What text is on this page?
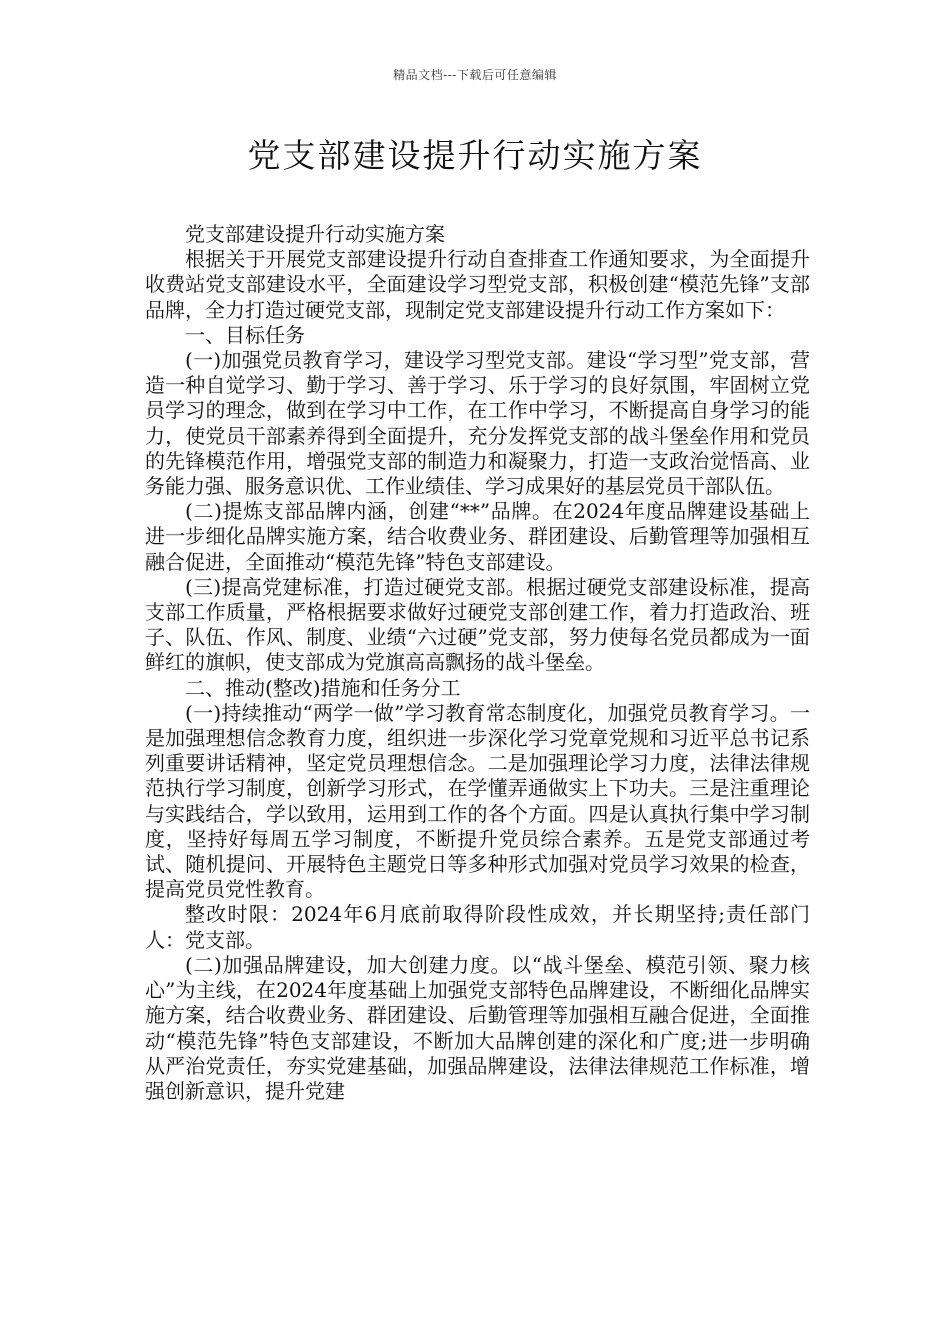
精品文档---下载后可任意编辑
党支部建设提升行动实施方案

党支部建设提升行动实施方案

根据关于开展党支部建设提升行动自查排查工作通知要求，为全面提升收费站党支部建设水平，全面建设学习型党支部，积极创建“模范先锋”支部品牌，全力打造过硬党支部，现制定党支部建设提升行动工作方案如下：

一、目标任务

(一)加强党员教育学习，建设学习型党支部。建设“学习型”党支部，营造一种自觉学习、勤于学习、善于学习、乐于学习的良好氛围，牢固树立党员学习的理念，做到在学习中工作，在工作中学习，不断提高自身学习的能力，使党员干部素养得到全面提升，充分发挥党支部的战斗堡垒作用和党员的先锋模范作用，增强党支部的制造力和凝聚力，打造一支政治觉悟高、业务能力强、服务意识优、工作业绩佳、学习成果好的基层党员干部队伍。

(二)提炼支部品牌内涵，创建“**”品牌。在2024年度品牌建设基础上进一步细化品牌实施方案，结合收费业务、群团建设、后勤管理等加强相互融合促进，全面推动“模范先锋”特色支部建设。

(三)提高党建标准，打造过硬党支部。根据过硬党支部建设标准，提高支部工作质量，严格根据要求做好过硬党支部创建工作，着力打造政治、班子、队伍、作风、制度、业绩“六过硬”党支部，努力使每名党员都成为一面鲜红的旗帜，使支部成为党旗高高飘扬的战斗堡垒。

二、推动(整改)措施和任务分工

(一)持续推动“两学一做”学习教育常态制度化，加强党员教育学习。一是加强理想信念教育力度，组织进一步深化学习党章党规和习近平总书记系列重要讲话精神，坚定党员理想信念。二是加强理论学习力度，法律法律规范执行学习制度，创新学习形式，在学懂弄通做实上下功夫。三是注重理论与实践结合，学以致用，运用到工作的各个方面。四是认真执行集中学习制度，坚持好每周五学习制度，不断提升党员综合素养。五是党支部通过考试、随机提问、开展特色主题党日等多种形式加强对党员学习效果的检查，提高党员党性教育。

整改时限：2024年6月底前取得阶段性成效，并长期坚持;责任部门人：党支部。

(二)加强品牌建设，加大创建力度。以“战斗堡垒、模范引领、聚力核心”为主线，在2024年度基础上加强党支部特色品牌建设，不断细化品牌实施方案，结合收费业务、群团建设、后勤管理等加强相互融合促进，全面推动“模范先锋”特色支部建设，不断加大品牌创建的深化和广度;进一步明确从严治党责任，夯实党建基础，加强品牌建设，法律法律规范工作标准，增强创新意识，提升党建
